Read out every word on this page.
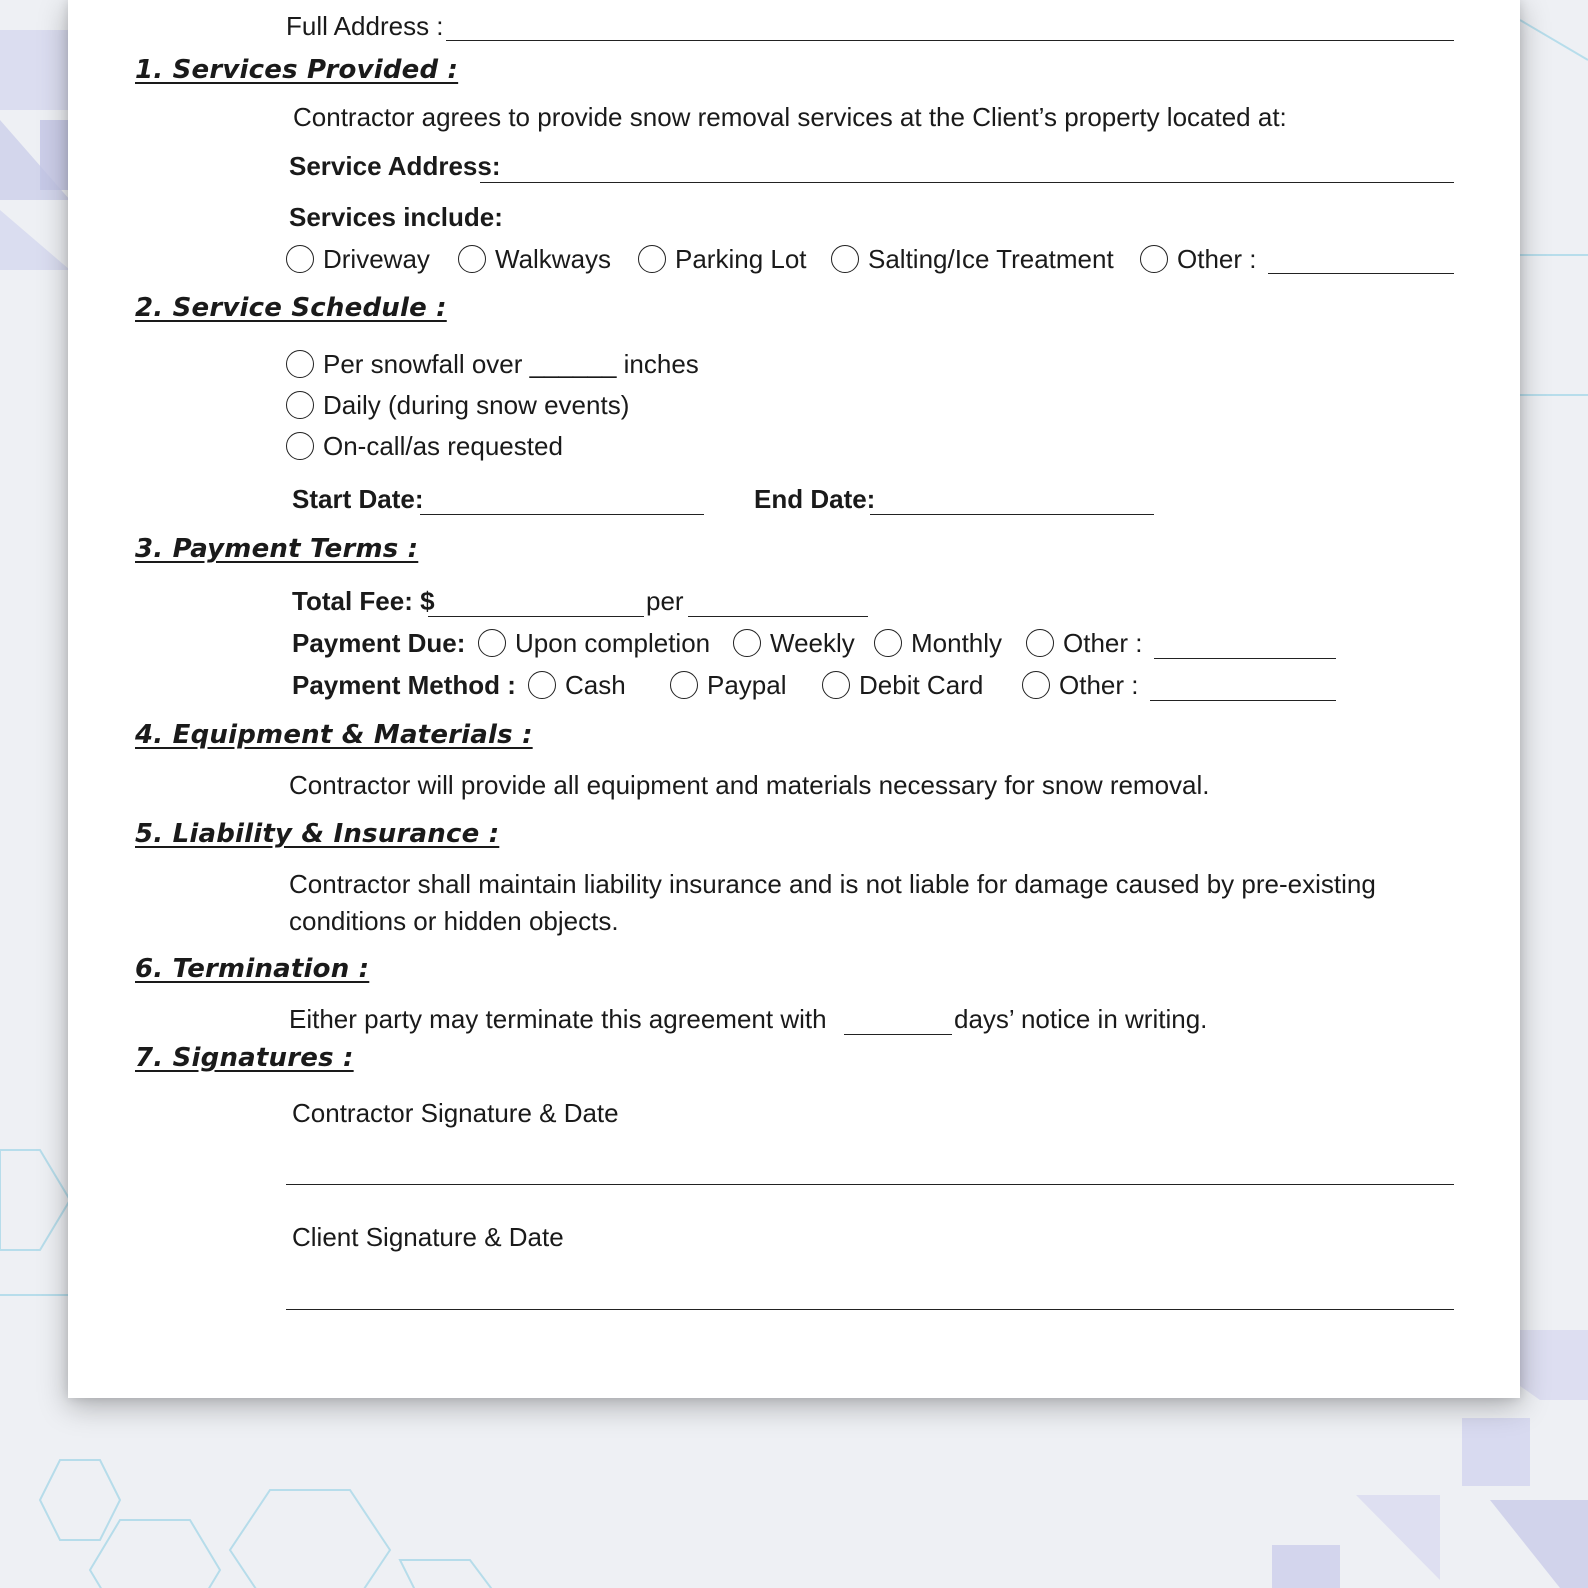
Full Address :
1. Services Provided :
Contractor agrees to provide snow removal services at the Client’s property located at:
Service Address:
Services include:
Driveway	Walkways Parking Lot Salting/Ice Treatment Other :
2. Service Schedule :
Per snowfall over ______ inches
Daily (during snow events)
On-call/as requested
Start Date:	End Date:
3. Payment Terms :
Total Fee: $	per
Payment Due: Upon completion Weekly Monthly Other :
Payment Method : Cash	Paypal	Debit Card	Other :
4. Equipment & Materials :
Contractor will provide all equipment and materials necessary for snow removal.
5. Liability & Insurance :
Contractor shall maintain liability insurance and is not liable for damage caused by pre-existing
conditions or hidden objects.
6. Termination :
Either party may terminate this agreement with	days’ notice in writing.
7. Signatures :
Contractor Signature & Date
Client Signature & Date
